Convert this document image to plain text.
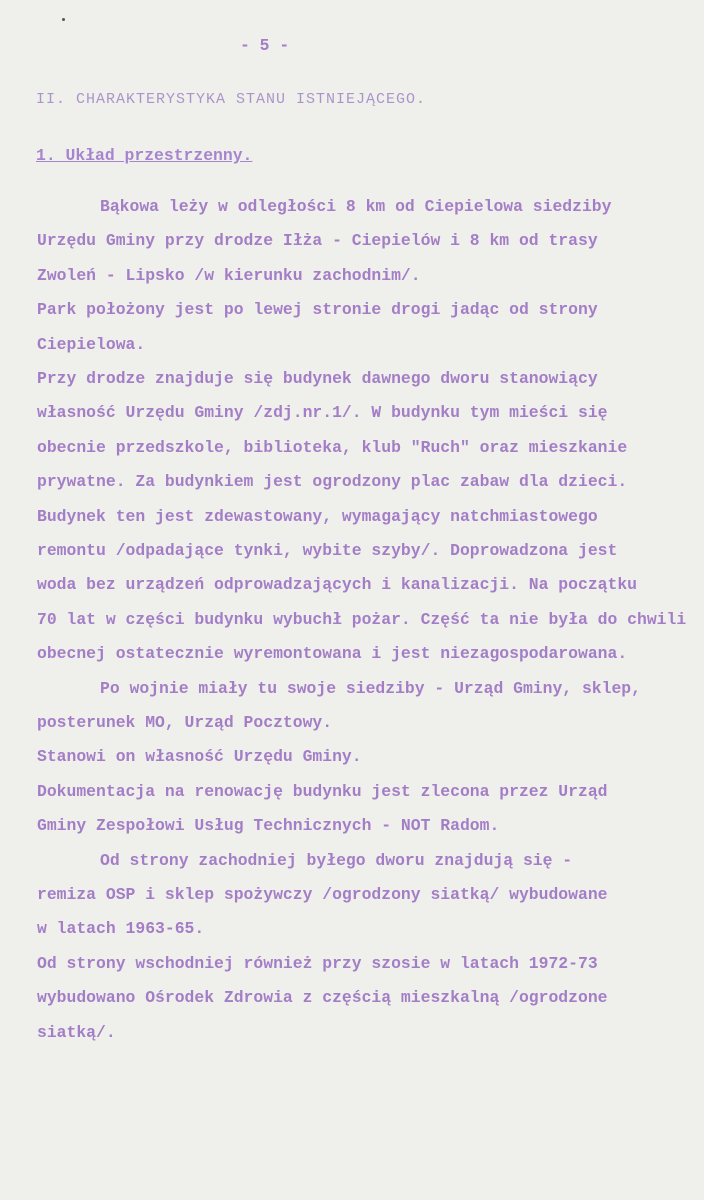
- 5 -
II. CHARAKTERYSTYKA STANU ISTNIEJĄCEGO.
1. Układ przestrzenny.
Bąkowa leży w odległości 8 km od Ciepielowa siedziby
Urzędu Gminy przy drodze Iłża - Ciepielów i 8 km od trasy
Zwoleń - Lipsko /w kierunku zachodnim/.
Park położony jest po lewej stronie drogi jadąc od strony
Ciepielowa.
Przy drodze znajduje się budynek dawnego dworu stanowiący
własność Urzędu Gminy /zdj.nr.1/. W budynku tym mieści się
obecnie przedszkole, biblioteka, klub "Ruch" oraz mieszkanie
prywatne. Za budynkiem jest ogrodzony plac zabaw dla dzieci.
Budynek ten jest zdewastowany, wymagający natchmiastowego
remontu /odpadające tynki, wybite szyby/. Doprowadzona jest
woda bez urządzeń odprowadzających i kanalizacji. Na początku
70 lat w części budynku wybuchł pożar. Część ta nie była do chwili
obecnej ostatecznie wyremontowana i jest niezagospodarowana.
Po wojnie miały tu swoje siedziby - Urząd Gminy, sklep,
posterunek MO, Urząd Pocztowy.
Stanowi on własność Urzędu Gminy.
Dokumentacja na renowację budynku jest zlecona przez Urząd
Gminy Zespołowi Usług Technicznych - NOT Radom.
Od strony zachodniej byłego dworu znajdują się -
remiza OSP i sklep spożywczy /ogrodzony siatką/ wybudowane
w latach 1963-65.
Od strony wschodniej również przy szosie w latach 1972-73
wybudowano Ośrodek Zdrowia z częścią mieszkalną /ogrodzone
siatką/.
